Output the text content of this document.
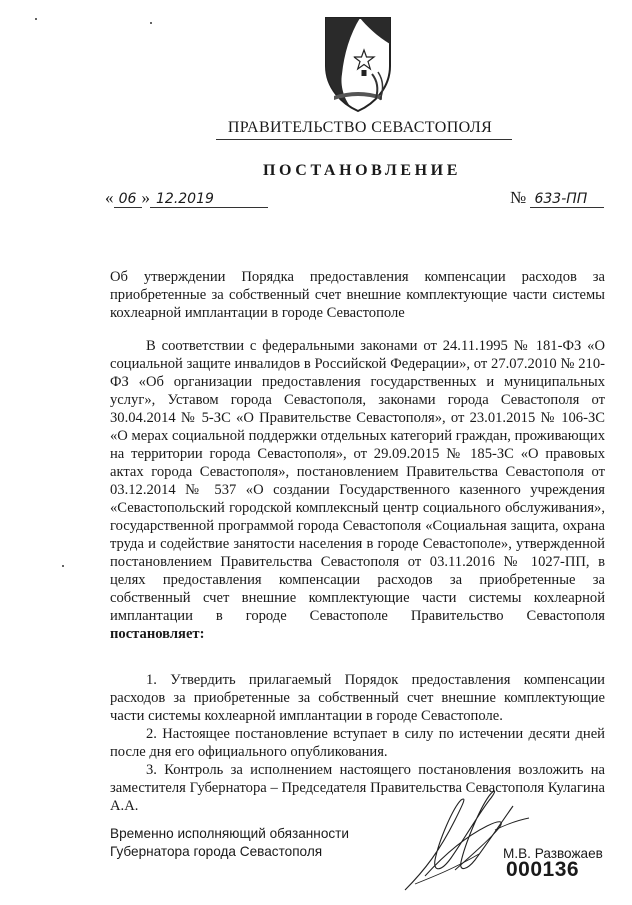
ПРАВИТЕЛЬСТВО СЕВАСТОПОЛЯ
ПОСТАНОВЛЕНИЕ
« 06 » 12.2019	№ 633-ПП
Об утверждении Порядка предоставления компенсации расходов за приобретенные за собственный счет внешние комплектующие части системы кохлеарной имплантации в городе Севастополе
В соответствии с федеральными законами от 24.11.1995 № 181-ФЗ «О социальной защите инвалидов в Российской Федерации», от 27.07.2010 № 210-ФЗ «Об организации предоставления государственных и муниципальных услуг», Уставом города Севастополя, законами города Севастополя от 30.04.2014 № 5-ЗС «О Правительстве Севастополя», от 23.01.2015 № 106-ЗС «О мерах социальной поддержки отдельных категорий граждан, проживающих на территории города Севастополя», от 29.09.2015 № 185-ЗС «О правовых актах города Севастополя», постановлением Правительства Севастополя от 03.12.2014 № 537 «О создании Государственного казенного учреждения «Севастопольский городской комплексный центр социального обслуживания», государственной программой города Севастополя «Социальная защита, охрана труда и содействие занятости населения в городе Севастополе», утвержденной постановлением Правительства Севастополя от 03.11.2016 № 1027-ПП, в целях предоставления компенсации расходов за приобретенные за собственный счет внешние комплектующие части системы кохлеарной имплантации в городе Севастополе Правительство Севастополя постановляет:

1. Утвердить прилагаемый Порядок предоставления компенсации расходов за приобретенные за собственный счет внешние комплектующие части системы кохлеарной имплантации в городе Севастополе.

2. Настоящее постановление вступает в силу по истечении десяти дней после дня его официального опубликования.

3. Контроль за исполнением настоящего постановления возложить на заместителя Губернатора – Председателя Правительства Севастополя Кулагина А.А.

Временно исполняющий обязанности
Губернатора города Севастополя	М.В. Развожаев
000136
